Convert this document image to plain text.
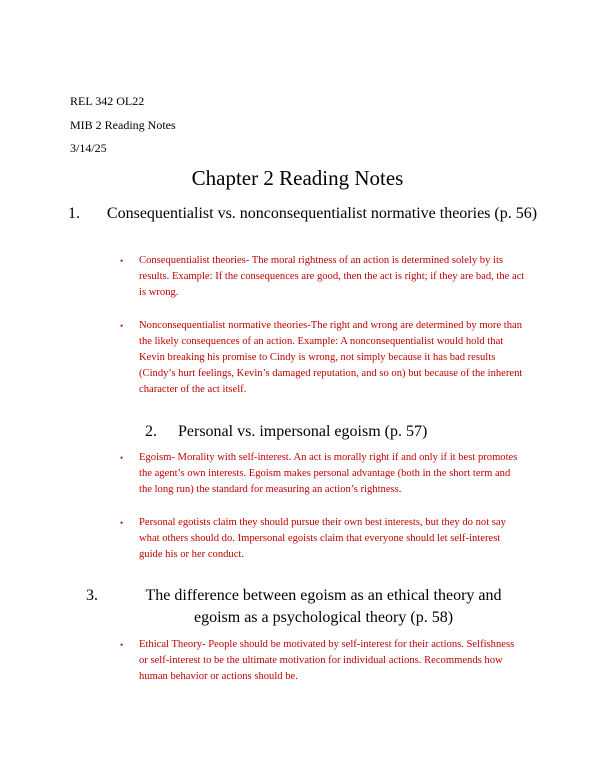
REL 342 OL22
MIB 2 Reading Notes
3/14/25
Chapter 2 Reading Notes
1. Consequentialist vs. nonconsequentialist normative theories (p. 56)
• Consequentialist theories- The moral rightness of an action is determined solely by its results. Example: If the consequences are good, then the act is right; if they are bad, the act is wrong.
• Nonconsequentialist normative theories-The right and wrong are determined by more than the likely consequences of an action. Example: A nonconsequentialist would hold that Kevin breaking his promise to Cindy is wrong, not simply because it has bad results (Cindy’s hurt feelings, Kevin’s damaged reputation, and so on) but because of the inherent character of the act itself.
2. Personal vs. impersonal egoism (p. 57)
• Egoism- Morality with self-interest. An act is morally right if and only if it best promotes the agent’s own interests. Egoism makes personal advantage (both in the short term and the long run) the standard for measuring an action’s rightness.
• Personal egotists claim they should pursue their own best interests, but they do not say what others should do. Impersonal egoists claim that everyone should let self-interest guide his or her conduct.
3.	The difference between egoism as an ethical theory and egoism as a psychological theory (p. 58)
• Ethical Theory- People should be motivated by self-interest for their actions. Selfishness or self-interest to be the ultimate motivation for individual actions. Recommends how human behavior or actions should be.
